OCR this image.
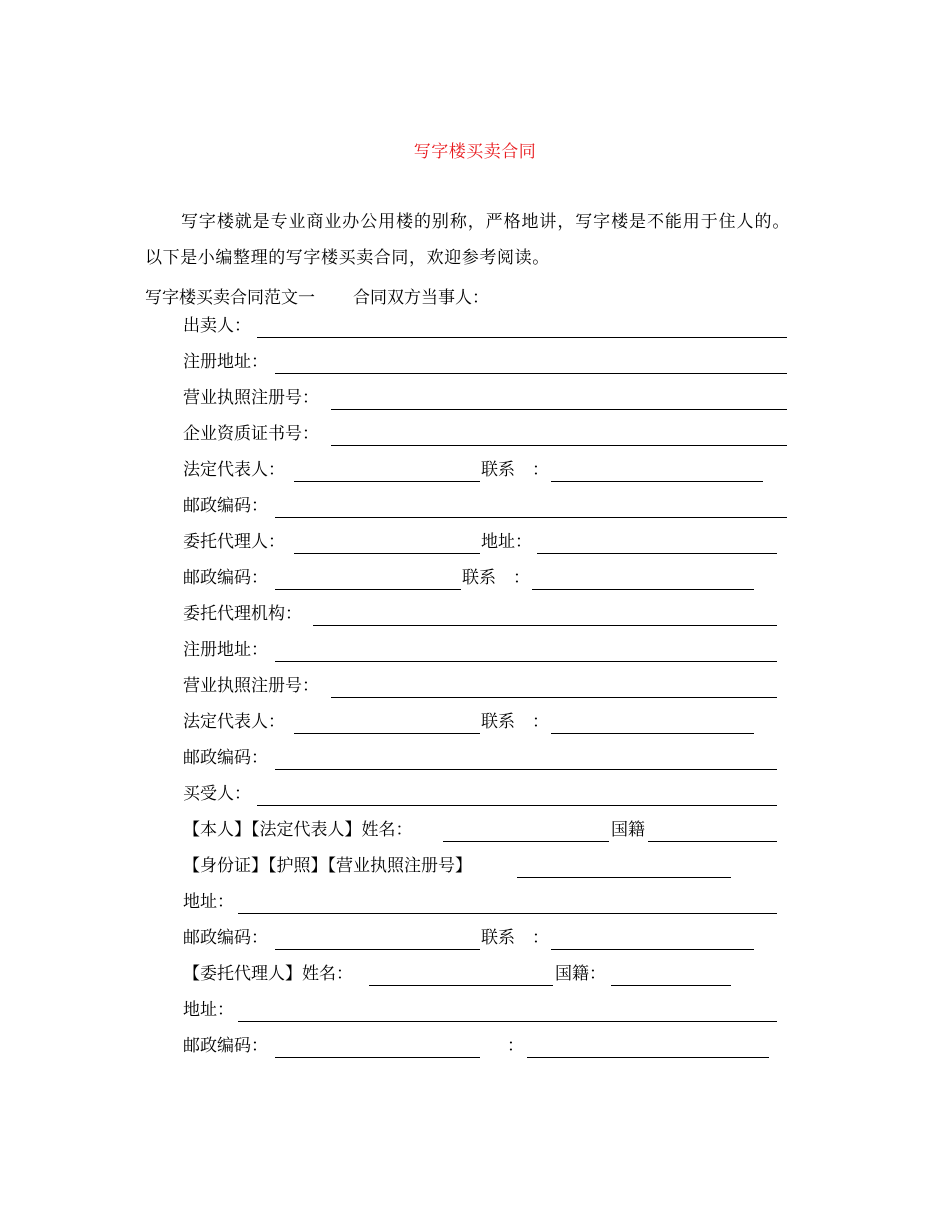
写字楼买卖合同
写字楼就是专业商业办公用楼的别称，严格地讲，写字楼是不能用于住人的。以下是小编整理的写字楼买卖合同，欢迎参考阅读。
写字楼买卖合同范文一 合同双方当事人：
出卖人：
注册地址：
营业执照注册号：
企业资质证书号：
法定代表人：	联系　：
邮政编码：
委托代理人：	地址：
邮政编码：	联系　：
委托代理机构：
注册地址：
营业执照注册号：
法定代表人：	联系　：
邮政编码：
买受人：
【本人】【法定代表人】姓名：	国籍
【身份证】【护照】【营业执照注册号】
地址：
邮政编码：	联系　：
【委托代理人】姓名：	国籍：
地址：
邮政编码：	：
